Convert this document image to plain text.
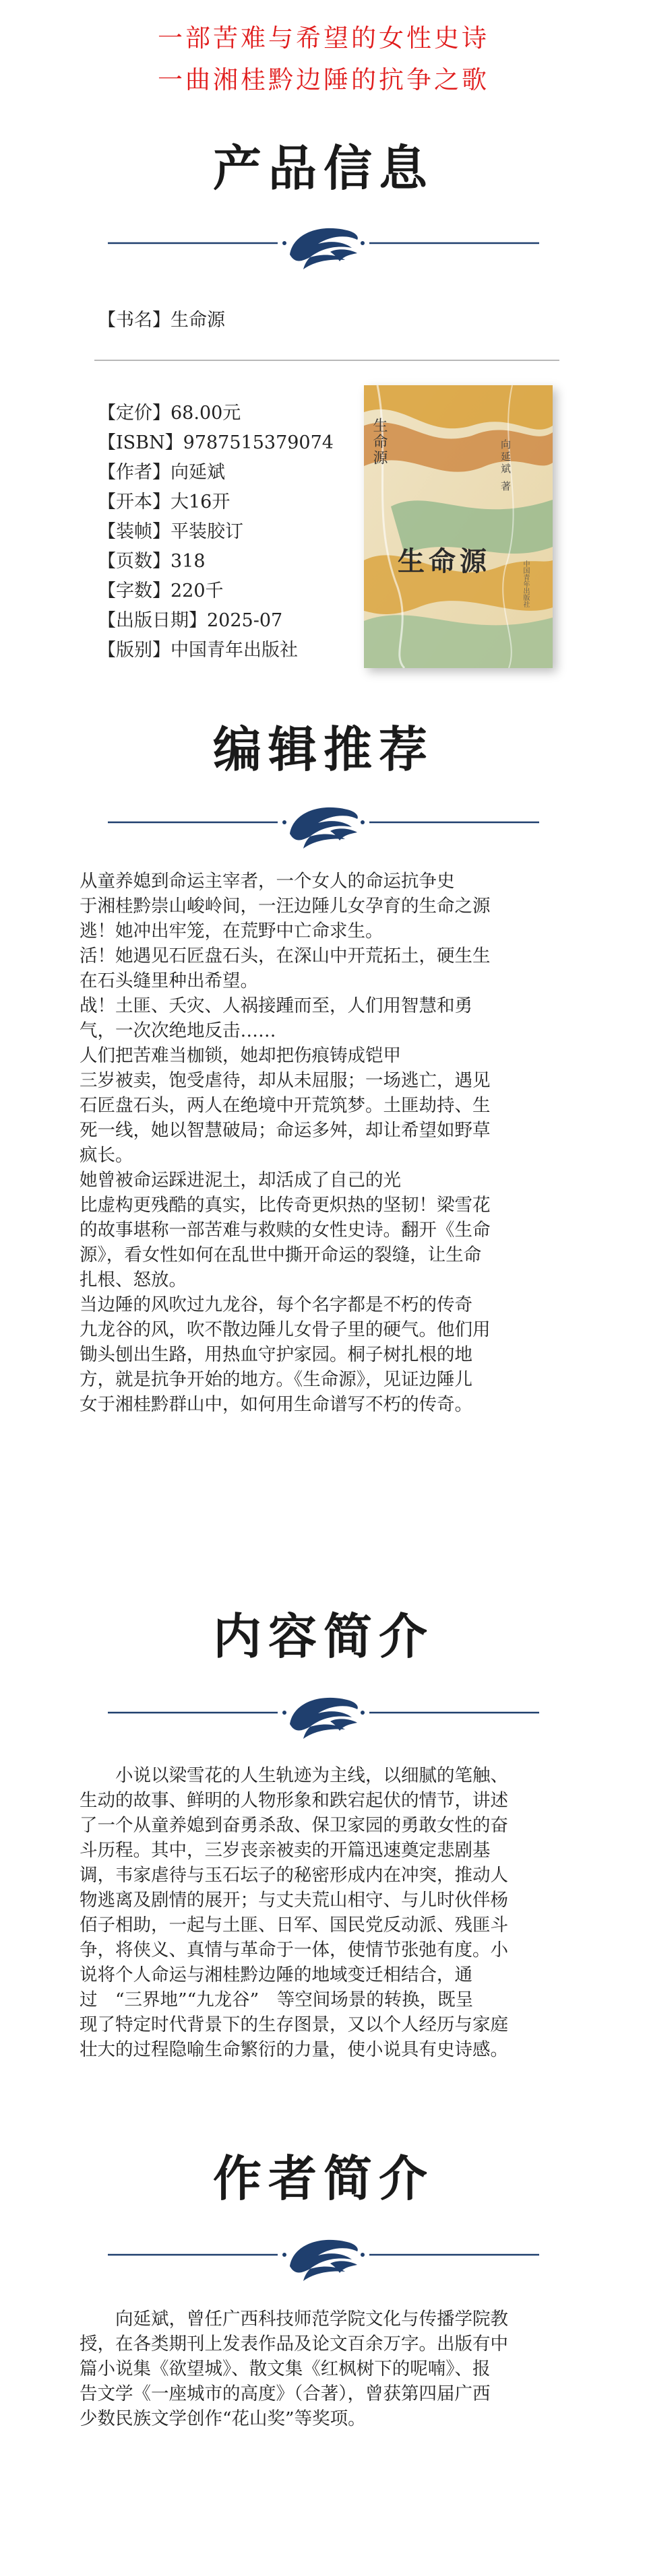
一部苦难与希望的女性史诗
一曲湘桂黔边陲的抗争之歌
产品信息
【 书名 】 生命源
【 定价 】 68.00元
【 ISBN 】 9787515379074
【 作者 】 向延斌
【 开本 】 大16开
【 装帧 】 平装胶订
【 页数 】 318
【 字数 】 220千
【 出版日期 】 2025-07
【 版别 】 中国青年出版社
生命源	向延斌 著
生命源	中国青年出版社
编辑推荐

从童养媳到命运主宰者，一个女人的命运抗争史

于湘桂黔崇山峻岭间，一汪边陲儿女孕育的生命之源

逃！她冲出牢笼，在荒野中亡命求生。

活！她遇见石匠盘石头，在深山中开荒拓土，硬生生

在石头缝里种出希望。

战！土匪、夭灾、人祸接踵而至，人们用智慧和勇

气，一次次绝地反击……

人们把苦难当枷锁，她却把伤痕铸成铠甲

三岁被卖，饱受虐待，却从未屈服；一场逃亡，遇见

石匠盘石头，两人在绝境中开荒筑梦。土匪劫持、生

死一线，她以智慧破局；命运多舛，却让希望如野草

疯长。

她曾被命运踩进泥土，却活成了自己的光

比虚构更残酷的真实，比传奇更炽热的坚韧！梁雪花

的故事堪称一部苦难与救赎的女性史诗。翻开《生命

源》，看女性如何在乱世中撕开命运的裂缝，让生命

扎根、怒放。

当边陲的风吹过九龙谷，每个名字都是不朽的传奇

九龙谷的风，吹不散边陲儿女骨子里的硬气。他们用

锄头刨出生路，用热血守护家园。桐子树扎根的地

方，就是抗争开始的地方。《生命源》，见证边陲儿

女于湘桂黔群山中，如何用生命谱写不朽的传奇。

内容简介

　　小说以梁雪花的人生轨迹为主线，以细腻的笔触、

生动的故事、鲜明的人物形象和跌宕起伏的情节，讲述

了一个从童养媳到奋勇杀敌、保卫家园的勇敢女性的奋

斗历程。其中，三岁丧亲被卖的开篇迅速奠定悲剧基

调，韦家虐待与玉石坛子的秘密形成内在冲突，推动人

物逃离及剧情的展开；与丈夫荒山相守、与儿时伙伴杨

佰子相助，一起与土匪、日军、国民党反动派、残匪斗

争，将侠义、真情与革命于一体，使情节张弛有度。小

说将个人命运与湘桂黔边陲的地域变迁相结合，通

过　“三界地”“九龙谷”　等空间场景的转换，既呈

现了特定时代背景下的生存图景，又以个人经历与家庭

壮大的过程隐喻生命繁衍的力量，使小说具有史诗感。

作者简介

　　向延斌，曾任广西科技师范学院文化与传播学院教

授，在各类期刊上发表作品及论文百余万字。出版有中

篇小说集《欲望城》、散文集《红枫树下的呢喃》、报

告文学《一座城市的高度》（合著），曾获第四届广西

少数民族文学创作“花山奖”等奖项。
